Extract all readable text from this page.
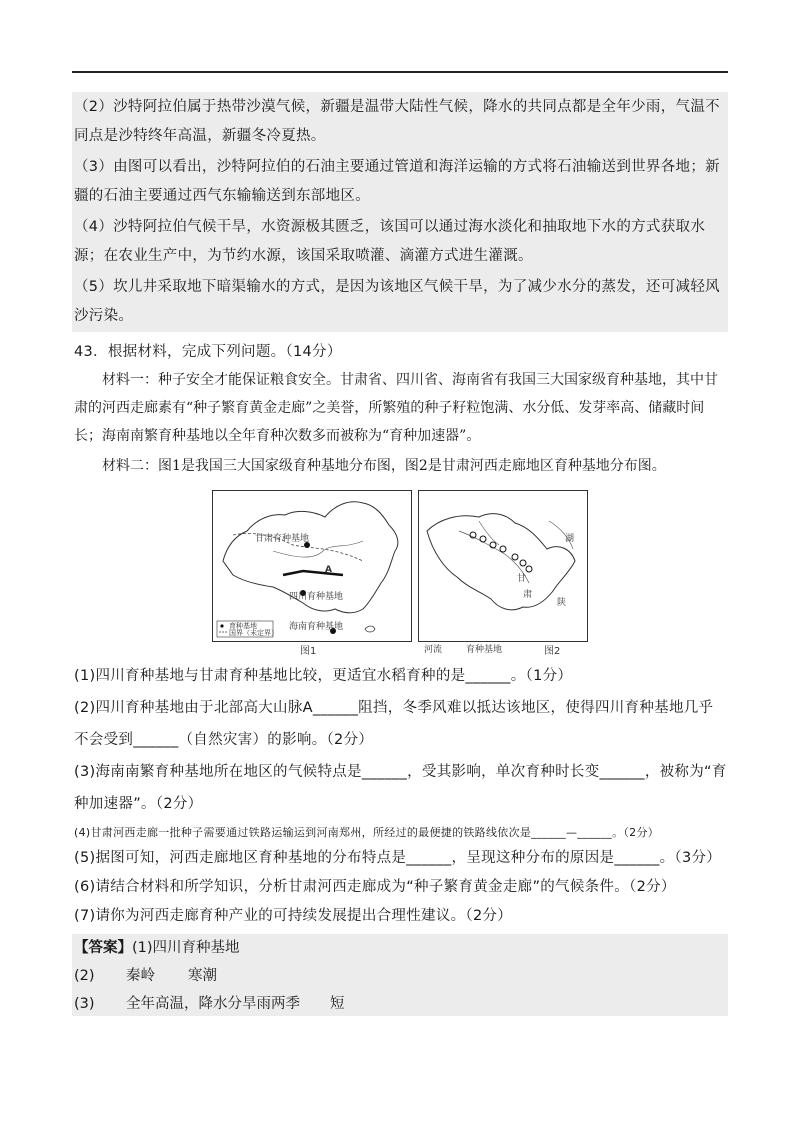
（2）沙特阿拉伯属于热带沙漠气候，新疆是温带大陆性气候，降水的共同点都是全年少雨，气温不同点是沙特终年高温，新疆冬冷夏热。
（3）由图可以看出，沙特阿拉伯的石油主要通过管道和海洋运输的方式将石油输送到世界各地；新疆的石油主要通过西气东输输送到东部地区。
（4）沙特阿拉伯气候干旱，水资源极其匮乏，该国可以通过海水淡化和抽取地下水的方式获取水源；在农业生产中，为节约水源，该国采取喷灌、滴灌方式进生灌溉。
（5）坎儿井采取地下暗渠输水的方式，是因为该地区气候干旱，为了减少水分的蒸发，还可减轻风沙污染。
43．根据材料，完成下列问题。（14分）
材料一：种子安全才能保证粮食安全。甘肃省、四川省、海南省有我国三大国家级育种基地，其中甘肃的河西走廊素有“种子繁育黄金走廊”之美誉，所繁殖的种子籽粒饱满、水分低、发芽率高、储藏时间长；海南南繁育种基地以全年育种次数多而被称为“育种加速器”。
材料二：图1是我国三大国家级育种基地分布图，图2是甘肃河西走廊地区育种基地分布图。
甘肃育种基地
A
四川育种基地
海南育种基地
育种基地
国界（未定界）
图1
甘
肃
湖
陕
河流	育种基地	图2
(1)四川育种基地与甘肃育种基地比较，更适宜水稻育种的是______。（1分）
(2)四川育种基地由于北部高大山脉A______阻挡，冬季风难以抵达该地区，使得四川育种基地几乎不会受到______（自然灾害）的影响。（2分）
(3)海南南繁育种基地所在地区的气候特点是______，受其影响，单次育种时长变______，被称为“育种加速器”。（2分）
(4)甘肃河西走廊一批种子需要通过铁路运输运到河南郑州，所经过的最便捷的铁路线依次是______—______。（2分）
(5)据图可知，河西走廊地区育种基地的分布特点是______，呈现这种分布的原因是______。（3分）
(6)请结合材料和所学知识，分析甘肃河西走廊成为“种子繁育黄金走廊”的气候条件。（2分）
(7)请你为河西走廊育种产业的可持续发展提出合理性建议。（2分）
【答案】(1)四川育种基地
(2) 秦岭 寒潮
(3) 全年高温，降水分旱雨两季 短
